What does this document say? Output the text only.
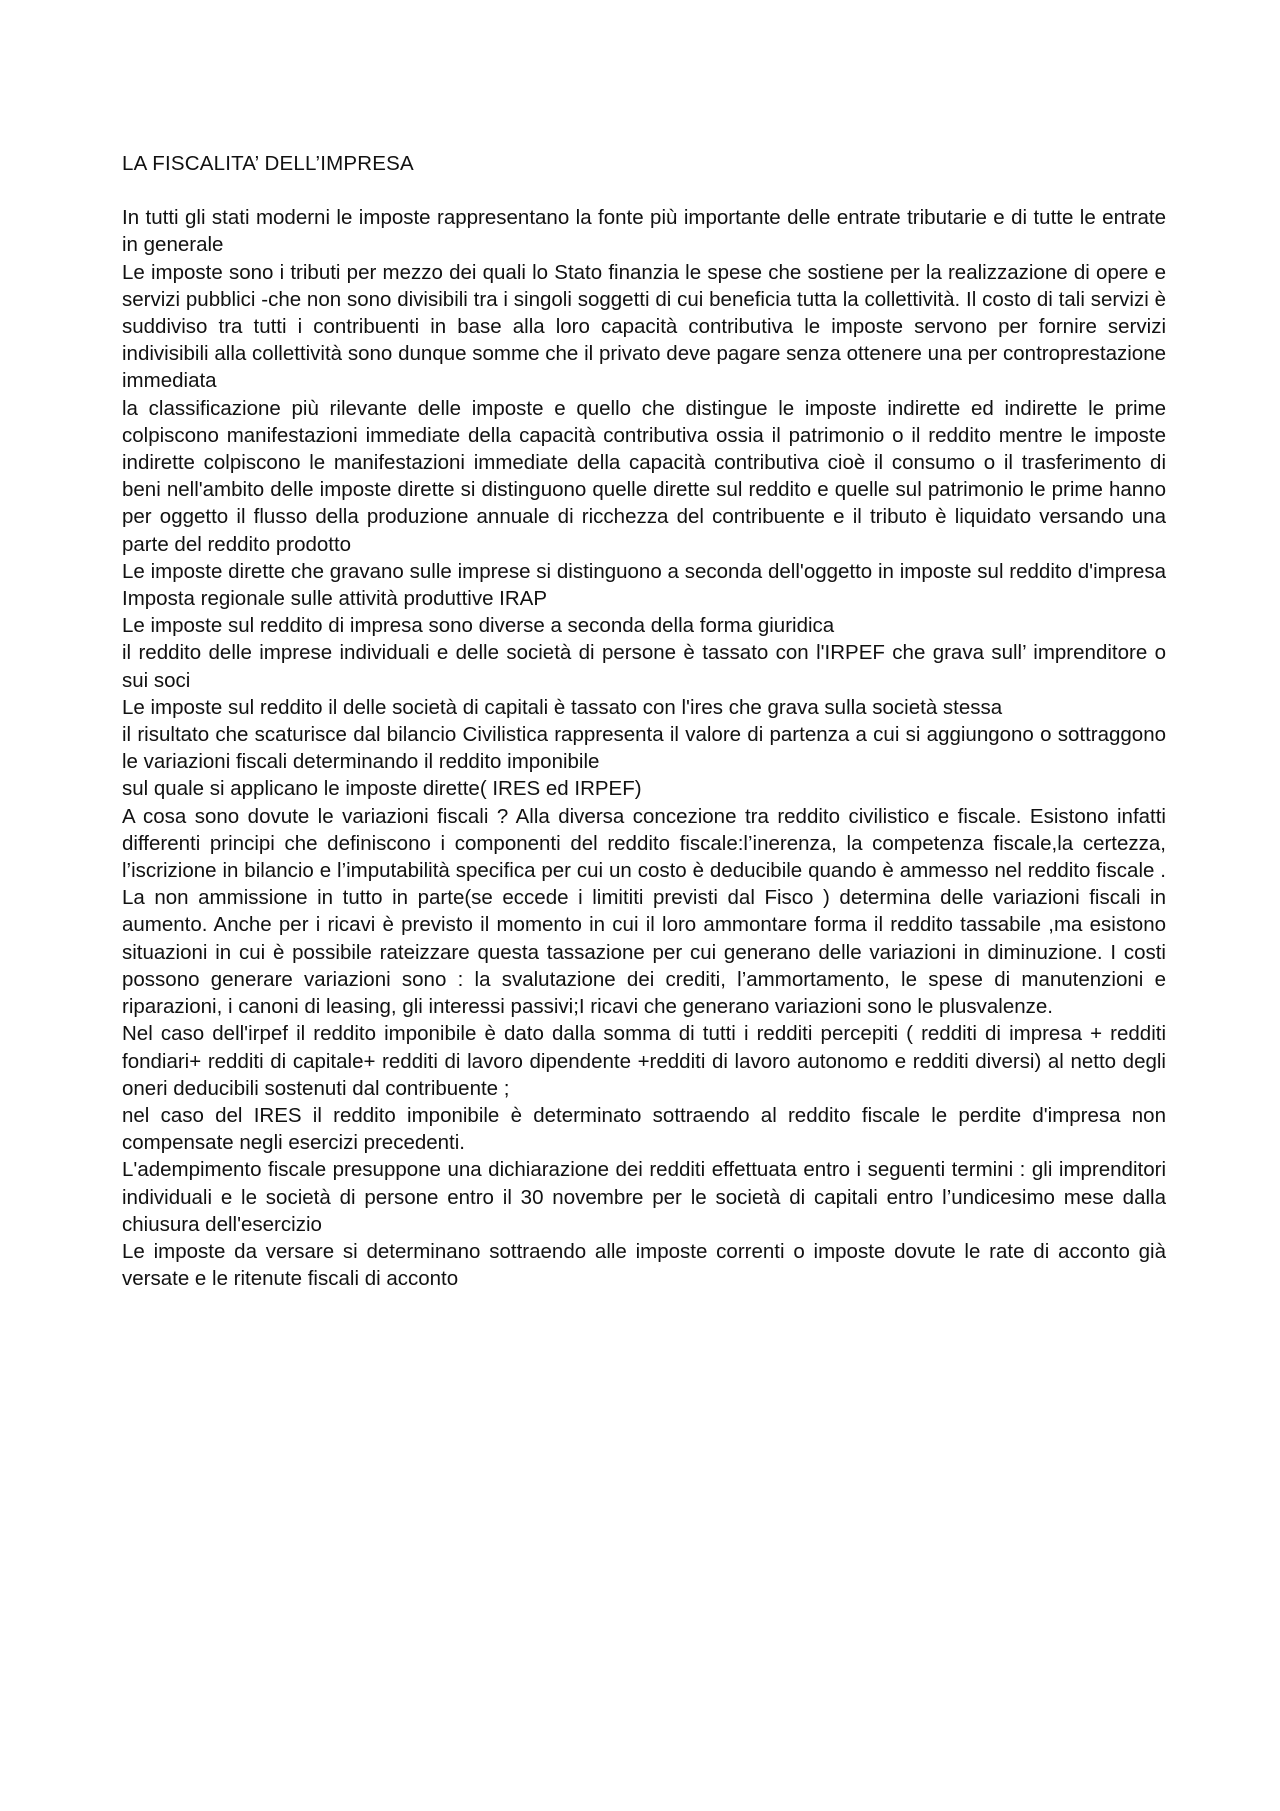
LA FISCALITA’ DELL’IMPRESA

In tutti gli stati moderni le imposte rappresentano la fonte più importante delle entrate tributarie e di tutte le entrate in generale

Le imposte sono i tributi per mezzo dei quali lo Stato finanzia le spese che sostiene per la realizzazione di opere e servizi pubblici -che non sono divisibili tra i singoli soggetti di cui beneficia tutta la collettività. Il costo di tali servizi è suddiviso tra tutti i contribuenti in base alla loro capacità contributiva le imposte servono per fornire servizi indivisibili alla collettività sono dunque somme che il privato deve pagare senza ottenere una per controprestazione immediata

la classificazione più rilevante delle imposte e quello che distingue le imposte indirette ed indirette le prime colpiscono manifestazioni immediate della capacità contributiva ossia il patrimonio o il reddito mentre le imposte indirette colpiscono le manifestazioni immediate della capacità contributiva cioè il consumo o il trasferimento di beni nell'ambito delle imposte dirette si distinguono quelle dirette sul reddito e quelle sul patrimonio le prime hanno per oggetto il flusso della produzione annuale di ricchezza del contribuente e il tributo è liquidato versando una parte del reddito prodotto

Le imposte dirette che gravano sulle imprese si distinguono a seconda dell'oggetto in imposte sul reddito d'impresa Imposta regionale sulle attività produttive IRAP

Le imposte sul reddito di impresa sono diverse a seconda della forma giuridica

il reddito delle imprese individuali e delle società di persone è tassato con l'IRPEF che grava sull’ imprenditore o sui soci

Le imposte sul reddito il delle società di capitali è tassato con l'ires che grava sulla società stessa

il risultato che scaturisce dal bilancio Civilistica rappresenta il valore di partenza a cui si aggiungono o sottraggono le variazioni fiscali determinando il reddito imponibile

sul quale si applicano le imposte dirette( IRES ed IRPEF)

A cosa sono dovute le variazioni fiscali ? Alla diversa concezione tra reddito civilistico e fiscale. Esistono infatti differenti principi che definiscono i componenti del reddito fiscale:l’inerenza, la competenza fiscale,la certezza, l’iscrizione in bilancio e l’imputabilità specifica per cui un costo è deducibile quando è ammesso nel reddito fiscale . La non ammissione in tutto in parte(se eccede i limititi previsti dal Fisco ) determina delle variazioni fiscali in aumento. Anche per i ricavi è previsto il momento in cui il loro ammontare forma il reddito tassabile ,ma esistono situazioni in cui è possibile rateizzare questa tassazione per cui generano delle variazioni in diminuzione. I costi possono generare variazioni sono : la svalutazione dei crediti, l’ammortamento, le spese di manutenzioni e riparazioni, i canoni di leasing, gli interessi passivi;I ricavi che generano variazioni sono le plusvalenze.

Nel caso dell'irpef il reddito imponibile è dato dalla somma di tutti i redditi percepiti ( redditi di impresa + redditi fondiari+ redditi di capitale+ redditi di lavoro dipendente +redditi di lavoro autonomo e redditi diversi) al netto degli oneri deducibili sostenuti dal contribuente ;

nel caso del IRES il reddito imponibile è determinato sottraendo al reddito fiscale le perdite d'impresa non compensate negli esercizi precedenti.

L'adempimento fiscale presuppone una dichiarazione dei redditi effettuata entro i seguenti termini : gli imprenditori individuali e le società di persone entro il 30 novembre per le società di capitali entro l’undicesimo mese dalla chiusura dell'esercizio

Le imposte da versare si determinano sottraendo alle imposte correnti o imposte dovute le rate di acconto già versate e le ritenute fiscali di acconto
